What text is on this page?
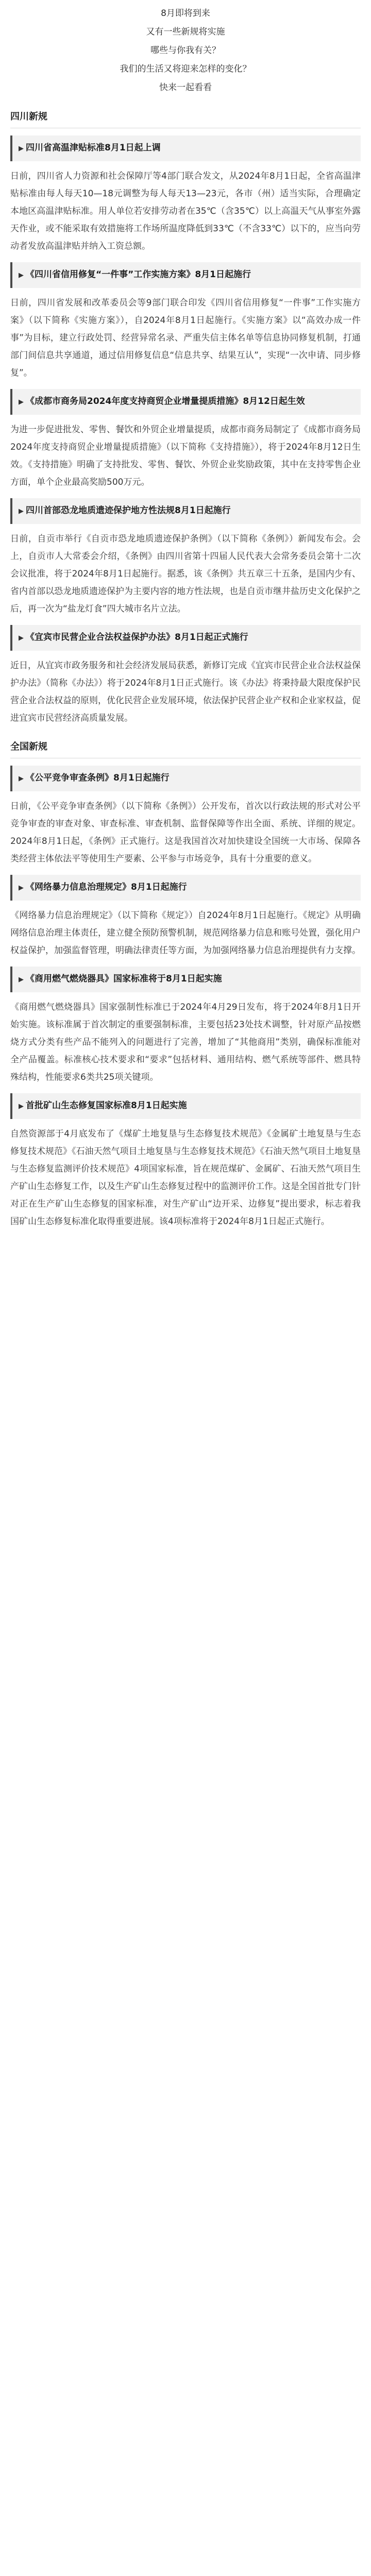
8月即将到来

又有一些新规将实施

哪些与你我有关？

我们的生活又将迎来怎样的变化？

快来一起看看

四川新规
▶ 四川省高温津贴标准8月1日起上调

日前，四川省人力资源和社会保障厅等4部门联合发文，从2024年8月1日起，全省高温津贴标准由每人每天10—18元调整为每人每天13—23元，各市（州）适当实际，合理确定本地区高温津贴标准。用人单位若安排劳动者在35℃（含35℃）以上高温天气从事室外露天作业，或不能采取有效措施将工作场所温度降低到33℃（不含33℃）以下的，应当向劳动者发放高温津贴并纳入工资总额。

▶ 《四川省信用修复“一件事”工作实施方案》8月1日起施行

日前，四川省发展和改革委员会等9部门联合印发《四川省信用修复“一件事”工作实施方案》（以下简称《实施方案》），自2024年8月1日起施行。《实施方案》以“高效办成一件事”为目标，建立行政处罚、经营异常名录、严重失信主体名单等信息协同修复机制，打通部门间信息共享通道，通过信用修复信息“信息共享、结果互认”，实现“一次申请、同步修复”。

▶ 《成都市商务局2024年度支持商贸企业增量提质措施》8月12日起生效

为进一步促进批发、零售、餐饮和外贸企业增量提质，成都市商务局制定了《成都市商务局2024年度支持商贸企业增量提质措施》（以下简称《支持措施》），将于2024年8月12日生效。《支持措施》明确了支持批发、零售、餐饮、外贸企业奖励政策，其中在支持零售企业方面，单个企业最高奖励500万元。

▶ 四川首部恐龙地质遗迹保护地方性法规8月1日起施行

日前，自贡市举行《自贡市恐龙地质遗迹保护条例》（以下简称《条例》）新闻发布会。会上，自贡市人大常委会介绍，《条例》由四川省第十四届人民代表大会常务委员会第十二次会议批准，将于2024年8月1日起施行。据悉，该《条例》共五章三十五条，是国内少有、省内首部以恐龙地质遗迹保护为主要内容的地方性法规，也是自贡市继井盐历史文化保护之后，再一次为“盐龙灯食”四大城市名片立法。

▶ 《宜宾市民营企业合法权益保护办法》8月1日起正式施行

近日，从宜宾市政务服务和社会经济发展局获悉，新修订完成《宜宾市民营企业合法权益保护办法》（简称《办法》）将于2024年8月1日正式施行。该《办法》将秉持最大限度保护民营企业合法权益的原则，优化民营企业发展环境，依法保护民营企业产权和企业家权益，促进宜宾市民营经济高质量发展。

全国新规
▶ 《公平竞争审查条例》8月1日起施行

日前，《公平竞争审查条例》（以下简称《条例》）公开发布，首次以行政法规的形式对公平竞争审查的审查对象、审查标准、审查机制、监督保障等作出全面、系统、详细的规定。2024年8月1日起，《条例》正式施行。这是我国首次对加快建设全国统一大市场、保障各类经营主体依法平等使用生产要素、公平参与市场竞争，具有十分重要的意义。

▶ 《网络暴力信息治理规定》8月1日起施行

《网络暴力信息治理规定》（以下简称《规定》）自2024年8月1日起施行。《规定》从明确网络信息治理主体责任，建立健全预防预警机制，规范网络暴力信息和账号处置，强化用户权益保护，加强监督管理，明确法律责任等方面，为加强网络暴力信息治理提供有力支撑。

▶ 《商用燃气燃烧器具》国家标准将于8月1日起实施

《商用燃气燃烧器具》国家强制性标准已于2024年4月29日发布，将于2024年8月1日开始实施。该标准属于首次制定的重要强制标准，主要包括23处技术调整，针对原产品按燃烧方式分类有些产品不能列入的问题进行了完善，增加了“其他商用”类别，确保标准能对全产品覆盖。标准核心技术要求和“要求”包括材料、通用结构、燃气系统等部件、燃具特殊结构，性能要求6类共25项关键项。

▶ 首批矿山生态修复国家标准8月1日起实施

自然资源部于4月底发布了《煤矿土地复垦与生态修复技术规范》《金属矿土地复垦与生态修复技术规范》《石油天然气项目土地复垦与生态修复技术规范》《石油天然气项目土地复垦与生态修复监测评价技术规范》4项国家标准，旨在规范煤矿、金属矿、石油天然气项目生产矿山生态修复工作，以及生产矿山生态修复过程中的监测评价工作。这是全国首批专门针对正在生产矿山生态修复的国家标准，对生产矿山“边开采、边修复”提出要求，标志着我国矿山生态修复标准化取得重要进展。该4项标准将于2024年8月1日起正式施行。
